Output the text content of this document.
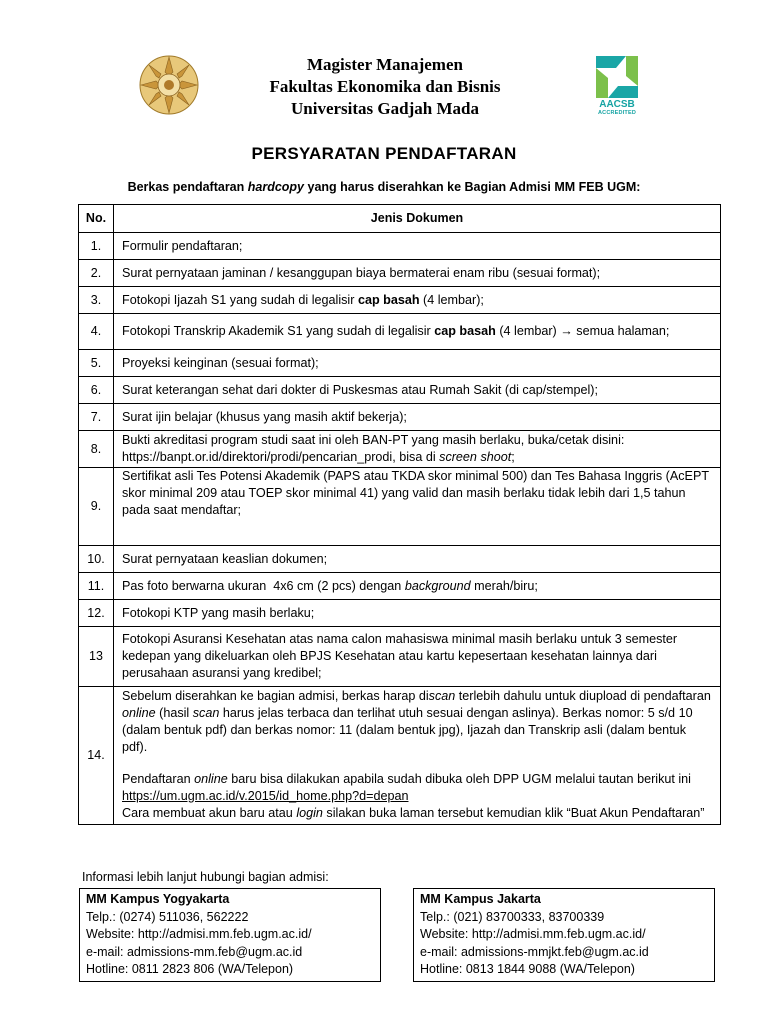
Magister Manajemen
Fakultas Ekonomika dan Bisnis
Universitas Gadjah Mada	AACSB
ACCREDITED
PERSYARATAN PENDAFTARAN
Berkas pendaftaran hardcopy yang harus diserahkan ke Bagian Admisi MM FEB UGM:
No.	Jenis Dokumen
1.	Formulir pendaftaran;
2.	Surat pernyataan jaminan / kesanggupan biaya bermaterai enam ribu (sesuai format);
3.	Fotokopi Ijazah S1 yang sudah di legalisir cap basah (4 lembar);
4.	Fotokopi Transkrip Akademik S1 yang sudah di legalisir cap basah (4 lembar) → semua halaman;
5.	Proyeksi keinginan (sesuai format);
6.	Surat keterangan sehat dari dokter di Puskesmas atau Rumah Sakit (di cap/stempel);
7.	Surat ijin belajar (khusus yang masih aktif bekerja);
8.	Bukti akreditasi program studi saat ini oleh BAN-PT yang masih berlaku, buka/cetak disini:
https://banpt.or.id/direktori/prodi/pencarian_prodi, bisa di screen shoot;

9.	Sertifikat asli Tes Potensi Akademik (PAPS atau TKDA skor minimal 500) dan Tes Bahasa Inggris (AcEPT skor minimal 209 atau TOEP skor minimal 41) yang valid dan masih berlaku tidak lebih dari 1,5 tahun pada saat mendaftar;
10.	Surat pernyataan keaslian dokumen;
11.	Pas foto berwarna ukuran  4x6 cm (2 pcs) dengan background merah/biru;
12.	Fotokopi KTP yang masih berlaku;
13	Fotokopi Asuransi Kesehatan atas nama calon mahasiswa minimal masih berlaku untuk 3 semester kedepan yang dikeluarkan oleh BPJS Kesehatan atau kartu kepesertaan kesehatan lainnya dari perusahaan asuransi yang kredibel;
14.	Sebelum diserahkan ke bagian admisi, berkas harap discan terlebih dahulu untuk diupload di pendaftaran online (hasil scan harus jelas terbaca dan terlihat utuh sesuai dengan aslinya). Berkas nomor: 5 s/d 10 (dalam bentuk pdf) dan berkas nomor: 11 (dalam bentuk jpg), Ijazah dan Transkrip asli (dalam bentuk pdf).
Pendaftaran online baru bisa dilakukan apabila sudah dibuka oleh DPP UGM melalui tautan berikut ini https://um.ugm.ac.id/v.2015/id_home.php?d=depan
Cara membuat akun baru atau login silakan buka laman tersebut kemudian klik “Buat Akun Pendaftaran”
Informasi lebih lanjut hubungi bagian admisi:
MM Kampus Yogyakarta
Telp.: (0274) 511036, 562222
Website: http://admisi.mm.feb.ugm.ac.id/
e-mail: admissions-mm.feb@ugm.ac.id
Hotline: 0811 2823 806 (WA/Telepon)
MM Kampus Jakarta
Telp.: (021) 83700333, 83700339
Website: http://admisi.mm.feb.ugm.ac.id/
e-mail: admissions-mmjkt.feb@ugm.ac.id
Hotline: 0813 1844 9088 (WA/Telepon)
